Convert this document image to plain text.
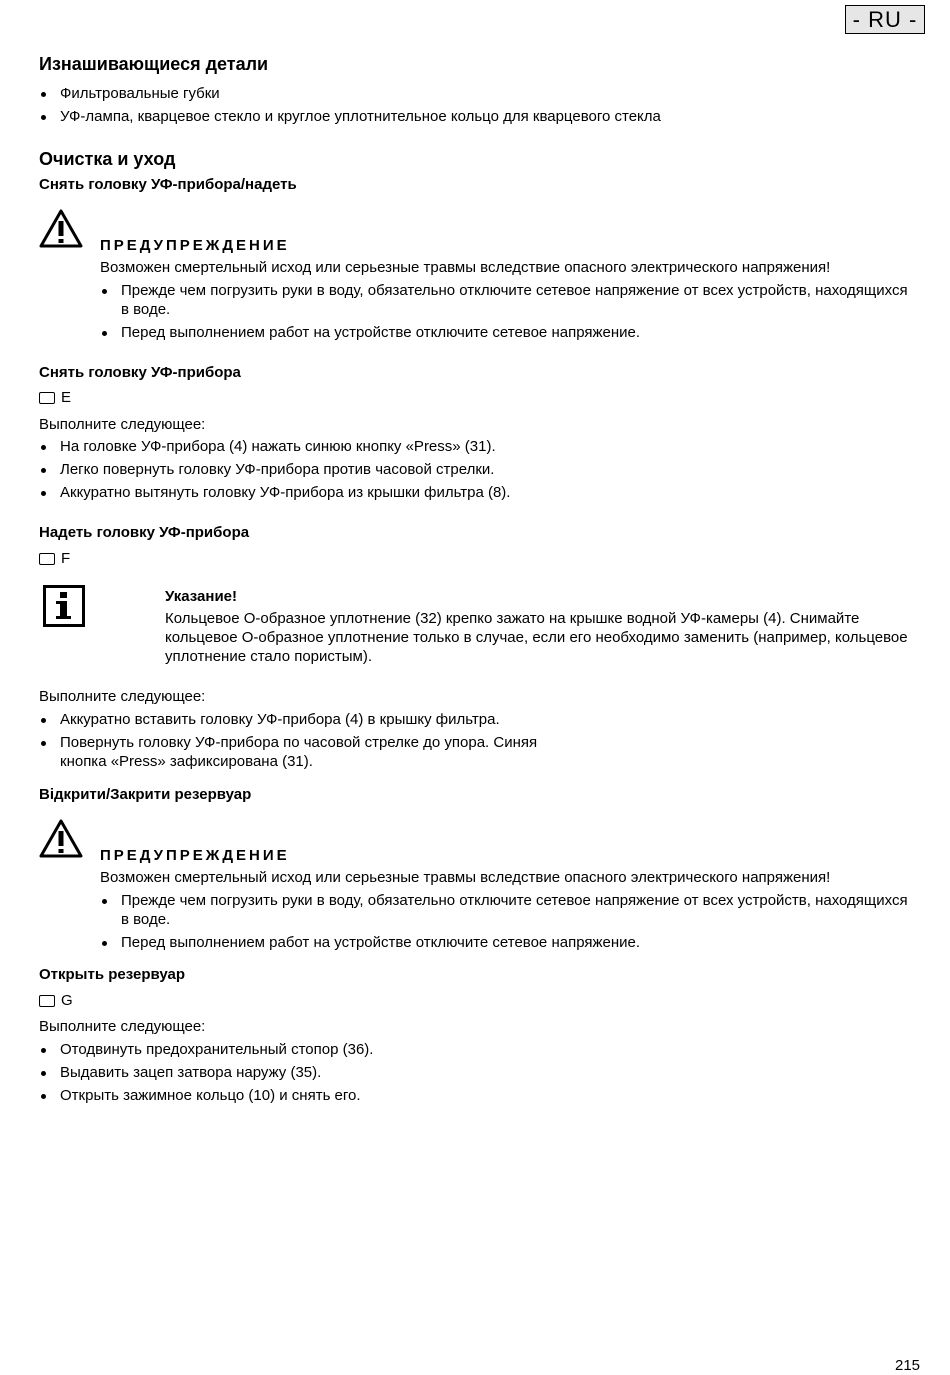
- RU -
Изнашивающиеся детали
Фильтровальные губки
УФ-лампа, кварцевое стекло и круглое уплотнительное кольцо для кварцевого стекла
Очистка и уход
Снять головку УФ-прибора/надеть
ПРЕДУПРЕЖДЕНИЕ
Возможен смертельный исход или серьезные травмы вследствие опасного электрического напряжения!
Прежде чем погрузить руки в воду, обязательно отключите сетевое напряжение от всех устройств, находящихся в воде.
Перед выполнением работ на устройстве отключите сетевое напряжение.
Снять головку УФ-прибора
E
Выполните следующее:
На головке УФ-прибора (4) нажать синюю кнопку «Press» (31).
Легко повернуть головку УФ-прибора против часовой стрелки.
Аккуратно вытянуть головку УФ-прибора из крышки фильтра (8).
Надеть головку УФ-прибора
F
Указание!
Кольцевое O-образное уплотнение (32) крепко зажато на крышке водной УФ-камеры (4). Снимайте кольцевое O-образное уплотнение только в случае, если его необходимо заменить (например, кольцевое уплотнение стало пористым).
Выполните следующее:
Аккуратно вставить головку УФ-прибора (4) в крышку фильтра.
Повернуть головку УФ-прибора по часовой стрелке до упора. Синяя кнопка «Press» зафиксирована (31).
Відкрити/Закрити резервуар
ПРЕДУПРЕЖДЕНИЕ
Возможен смертельный исход или серьезные травмы вследствие опасного электрического напряжения!
Прежде чем погрузить руки в воду, обязательно отключите сетевое напряжение от всех устройств, находящихся в воде.
Перед выполнением работ на устройстве отключите сетевое напряжение.
Открыть резервуар
G
Выполните следующее:
Отодвинуть предохранительный стопор (36).
Выдавить зацеп затвора наружу (35).
Открыть зажимное кольцо (10) и снять его.
215
